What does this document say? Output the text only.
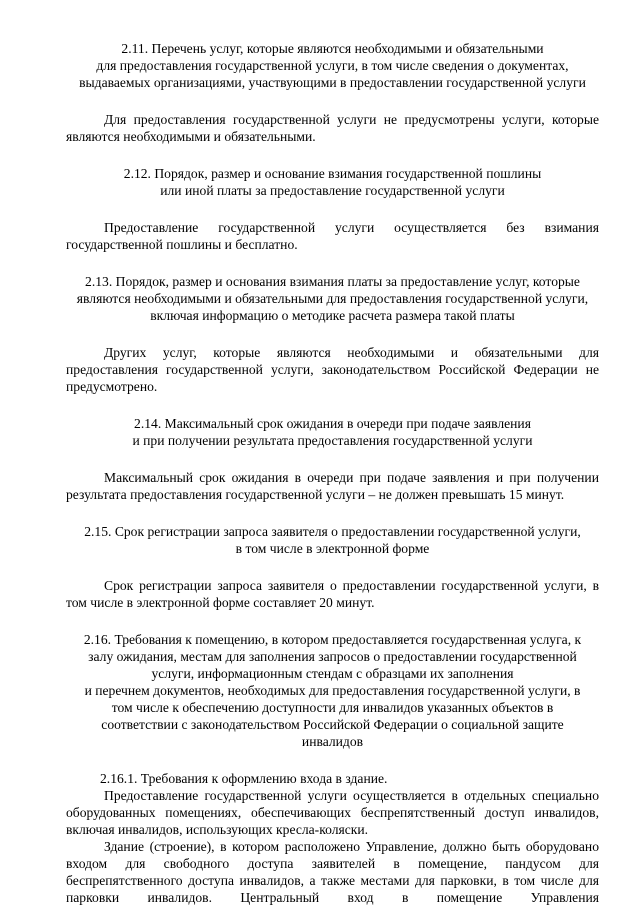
2.11. Перечень услуг, которые являются необходимыми и обязательными
для предоставления государственной услуги, в том числе сведения о документах,
выдаваемых организациями, участвующими в предоставлении государственной услуги

Для предоставления государственной услуги не предусмотрены услуги, которые являются необходимыми и обязательными.

2.12. Порядок, размер и основание взимания государственной пошлины
или иной платы за предоставление государственной услуги

Предоставление государственной услуги осуществляется без взимания государственной пошлины и бесплатно.

2.13. Порядок, размер и основания взимания платы за предоставление услуг, которые
являются необходимыми и обязательными для предоставления государственной услуги,
включая информацию о методике расчета размера такой платы

Других услуг, которые являются необходимыми и обязательными для предоставления государственной услуги, законодательством Российской Федерации не предусмотрено.

2.14. Максимальный срок ожидания в очереди при подаче заявления
и при получении результата предоставления государственной услуги

Максимальный срок ожидания в очереди при подаче заявления и при получении результата предоставления государственной услуги – не должен превышать 15 минут.

2.15. Срок регистрации запроса заявителя о предоставлении государственной услуги,
в том числе в электронной форме

Срок регистрации запроса заявителя о предоставлении государственной услуги, в том числе в электронной форме составляет 20 минут.

2.16. Требования к помещению, в котором предоставляется государственная услуга, к
залу ожидания, местам для заполнения запросов о предоставлении государственной
услуги, информационным стендам с образцами их заполнения
и перечнем документов, необходимых для предоставления государственной услуги, в
том числе к обеспечению доступности для инвалидов указанных объектов в
соответствии с законодательством Российской Федерации о социальной защите
инвалидов

2.16.1. Требования к оформлению входа в здание.

Предоставление государственной услуги осуществляется в отдельных специально оборудованных помещениях, обеспечивающих беспрепятственный доступ инвалидов, включая инвалидов, использующих кресла-коляски.

Здание (строение), в котором расположено Управление, должно быть оборудовано входом для свободного доступа заявителей в помещение, пандусом для беспрепятственного доступа инвалидов, а также местами для парковки, в том числе для парковки инвалидов. Центральный вход в помещение Управления
